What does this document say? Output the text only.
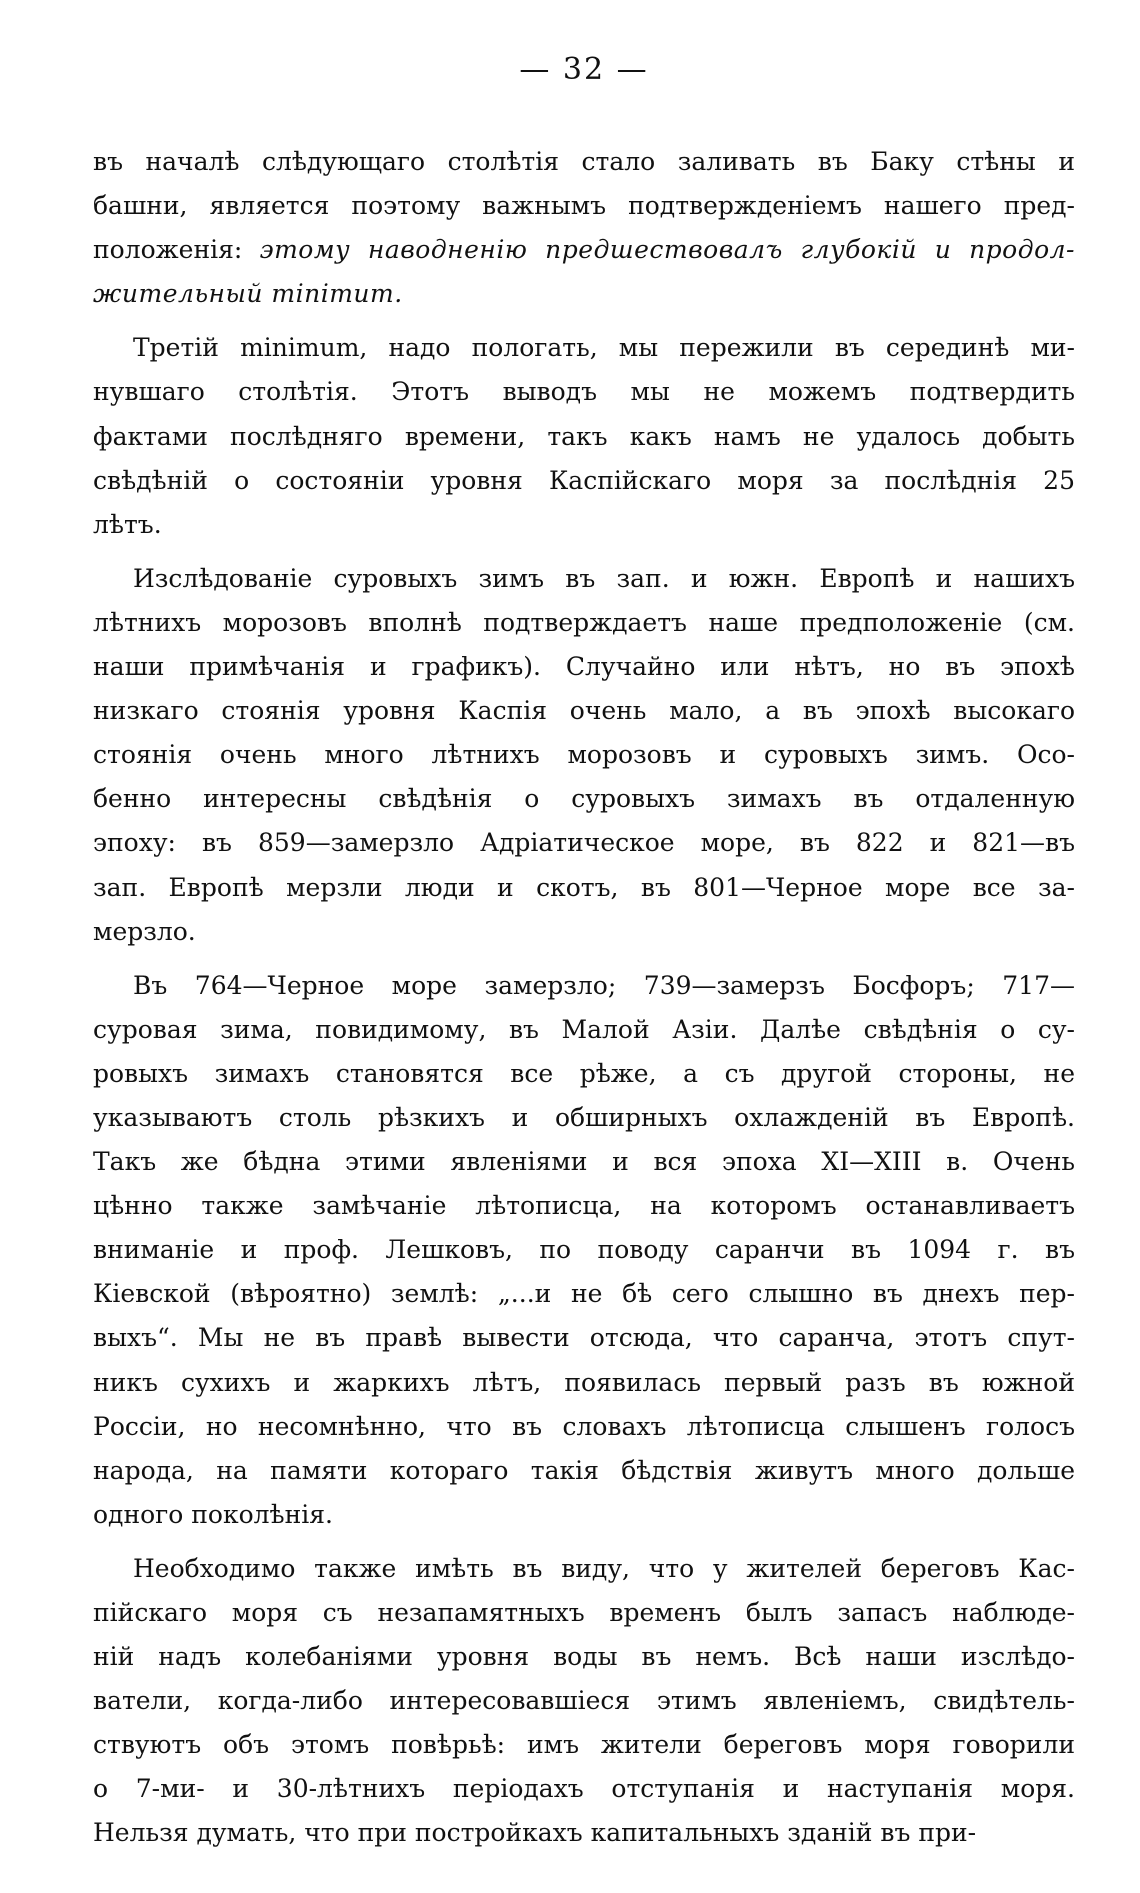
— 32 —
въ началѣ слѣдующаго столѣтія стало заливать въ Баку стѣны и
башни, является поэтому важнымъ подтвержденіемъ нашего пред-
положенія: этому наводненію предшествовалъ глубокій и продол-
жительный minimum.
Третій minimum, надо пологать, мы пережили въ серединѣ ми-
нувшаго столѣтія. Этотъ выводъ мы не можемъ подтвердить
фактами послѣдняго времени, такъ какъ намъ не удалось добыть
свѣдѣній о состояніи уровня Каспійскаго моря за послѣднія 25
лѣтъ.
Изслѣдованіе суровыхъ зимъ въ зап. и южн. Европѣ и нашихъ
лѣтнихъ морозовъ вполнѣ подтверждаетъ наше предположеніе (см.
наши примѣчанія и графикъ). Случайно или нѣтъ, но въ эпохѣ
низкаго стоянія уровня Каспія очень мало, а въ эпохѣ высокаго
стоянія очень много лѣтнихъ морозовъ и суровыхъ зимъ. Осо-
бенно интересны свѣдѣнія о суровыхъ зимахъ въ отдаленную
эпоху: въ 859—замерзло Адріатическое море, въ 822 и 821—въ
зап. Европѣ мерзли люди и скотъ, въ 801—Черное море все за-
мерзло.
Въ 764—Черное море замерзло; 739—замерзъ Босфоръ; 717—
суровая зима, повидимому, въ Малой Азіи. Далѣе свѣдѣнія о су-
ровыхъ зимахъ становятся все рѣже, а съ другой стороны, не
указываютъ столь рѣзкихъ и обширныхъ охлажденій въ Европѣ.
Такъ же бѣдна этими явленіями и вся эпоха XI—XIII в. Очень
цѣнно также замѣчаніе лѣтописца, на которомъ останавливаетъ
вниманіе и проф. Лешковъ, по поводу саранчи въ 1094 г. въ
Кіевской (вѣроятно) землѣ: „...и не бѣ сего слышно въ днехъ пер-
выхъ“. Мы не въ правѣ вывести отсюда, что саранча, этотъ спут-
никъ сухихъ и жаркихъ лѣтъ, появилась первый разъ въ южной
Россіи, но несомнѣнно, что въ словахъ лѣтописца слышенъ голосъ
народа, на памяти котораго такія бѣдствія живутъ много дольше
одного поколѣнія.
Необходимо также имѣть въ виду, что у жителей береговъ Кас-
пійскаго моря съ незапамятныхъ временъ былъ запасъ наблюде-
ній надъ колебаніями уровня воды въ немъ. Всѣ наши изслѣдо-
ватели, когда-либо интересовавшіеся этимъ явленіемъ, свидѣтель-
ствуютъ объ этомъ повѣрьѣ: имъ жители береговъ моря говорили
о 7-ми- и 30-лѣтнихъ періодахъ отступанія и наступанія моря.
Нельзя думать, что при постройкахъ капитальныхъ зданій въ при-
